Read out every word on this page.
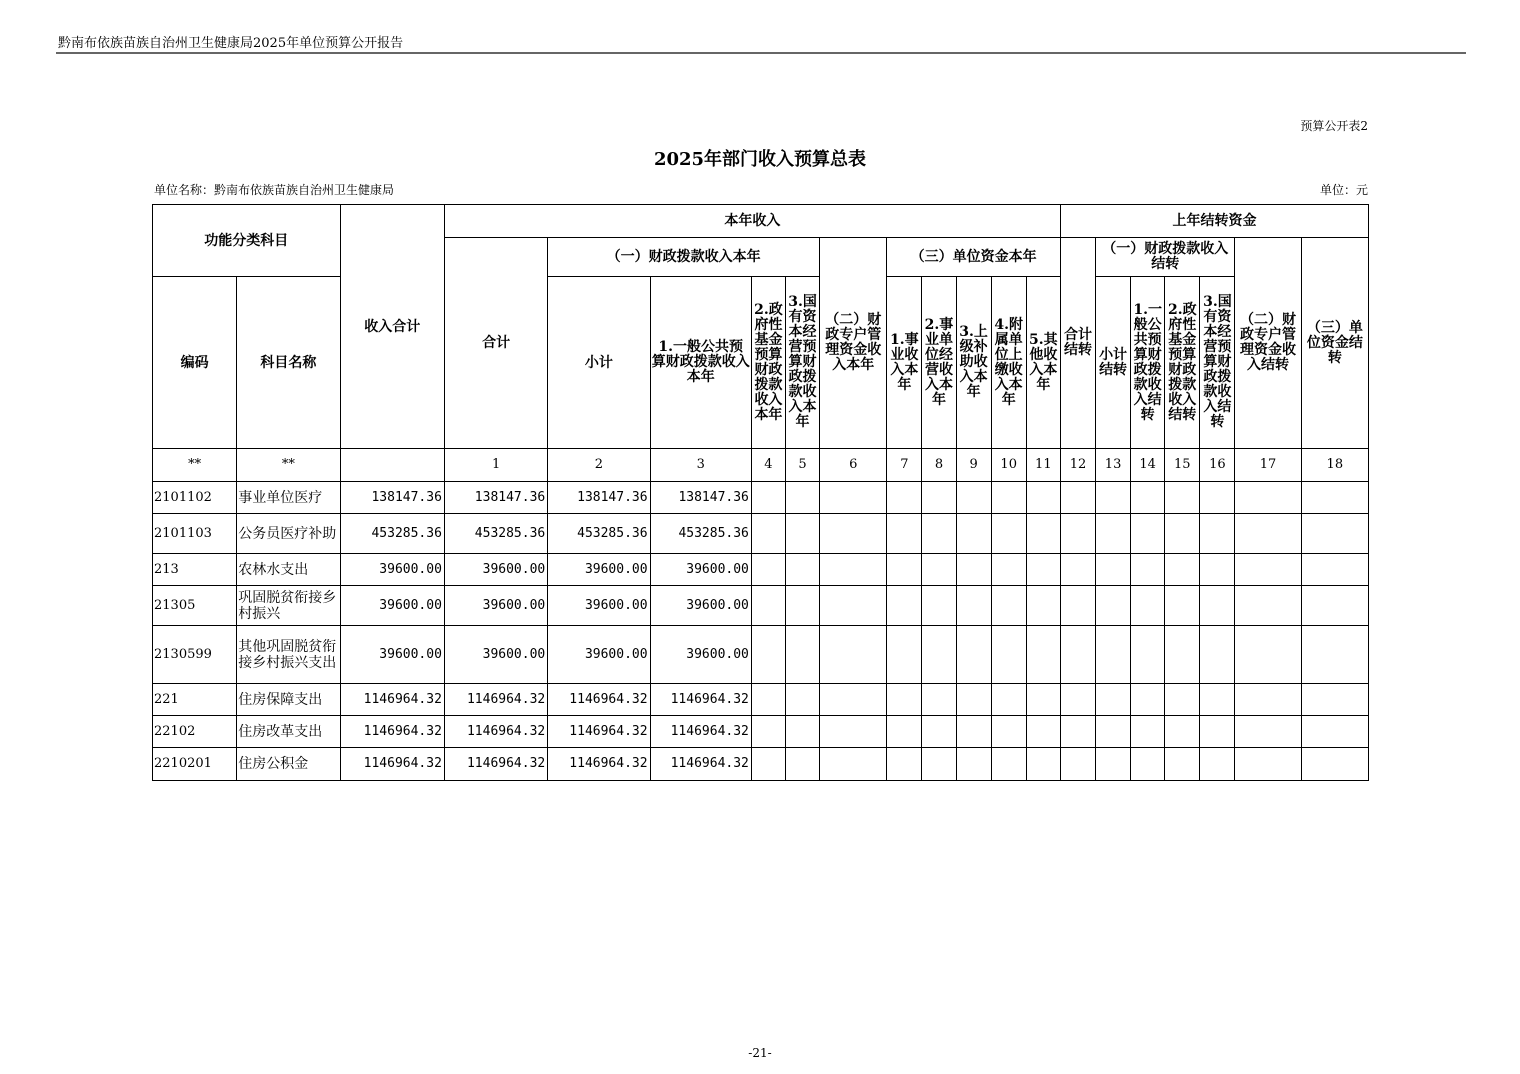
黔南布依族苗族自治州卫生健康局2025年单位预算公开报告
预算公开表2
2025年部门收入预算总表
单位名称：黔南布依族苗族自治州卫生健康局	单位：元
功能分类科目		收入合计	本年收入											上年结转资金						
			合计	（一）财政拨款收入本年				（二）财政专户管理资金收入本年	（三）单位资金本年					合计结转	（一）财政拨款收入结转				（二）财政专户管理资金收入结转	（三）单位资金结转
编码	科目名称			小计	1.一般公共预算财政拨款收入本年	2.政府性基金预算财政拨款收入本年	3.国有资本经营预算财政拨款收入本年		1.事业收入本年	2.事业单位经营收入本年	3.上级补助收入本年	4.附属单位上缴收入本年	5.其他收入本年		小计结转	1.一般公共预算财政拨款收入结转	2.政府性基金预算财政拨款收入结转	3.国有资本经营预算财政拨款收入结转		
**	**		1	2	3	4	5	6	7	8	9	10	11	12	13	14	15	16	17	18
2101102	事业单位医疗	138147.36	138147.36	138147.36	138147.36															
2101103	公务员医疗补助	453285.36	453285.36	453285.36	453285.36															
213	农林水支出	39600.00	39600.00	39600.00	39600.00															
21305	巩固脱贫衔接乡村振兴	39600.00	39600.00	39600.00	39600.00															
2130599	其他巩固脱贫衔接乡村振兴支出	39600.00	39600.00	39600.00	39600.00															
221	住房保障支出	1146964.32	1146964.32	1146964.32	1146964.32															
22102	住房改革支出	1146964.32	1146964.32	1146964.32	1146964.32															
2210201	住房公积金	1146964.32	1146964.32	1146964.32	1146964.32															
-21-
